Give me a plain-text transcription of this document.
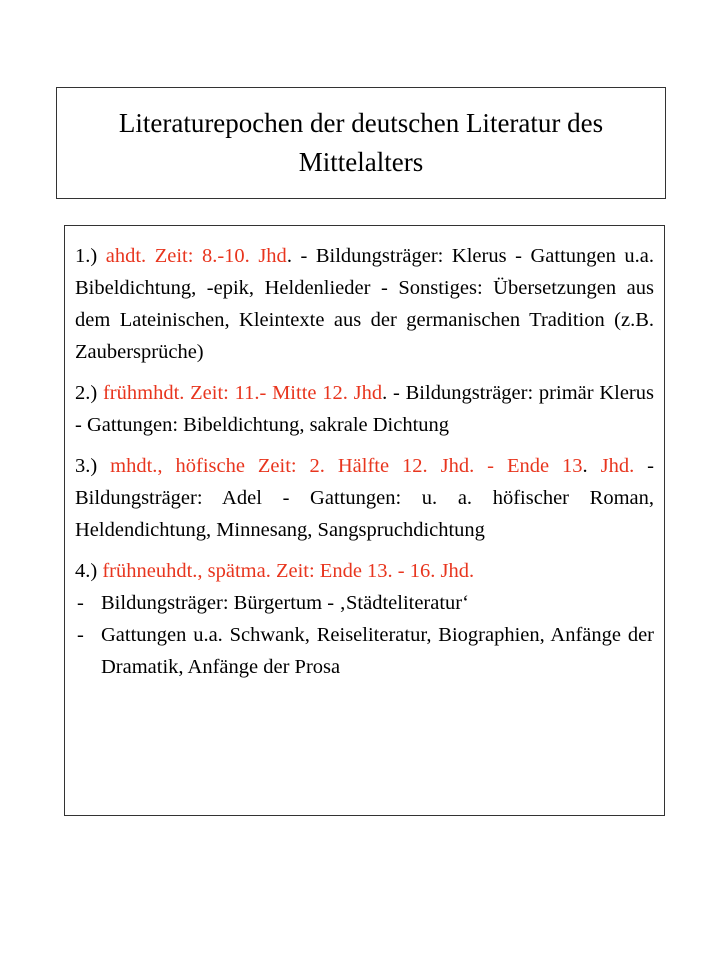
Literaturepochen der deutschen Literatur des Mittelalters

1.) ahdt. Zeit: 8.-10. Jhd. - Bildungsträger: Klerus - Gattungen u.a. Bibeldichtung, -epik, Heldenlieder - Sonstiges: Übersetzungen aus dem Lateinischen, Kleintexte aus der germanischen Tradition (z.B. Zaubersprüche)

2.) frühmhdt. Zeit: 11.- Mitte 12. Jhd. - Bildungsträger: primär Klerus - Gattungen: Bibeldichtung, sakrale Dichtung

3.) mhdt., höfische Zeit: 2. Hälfte 12. Jhd. - Ende 13. Jhd. - Bildungsträger: Adel - Gattungen: u. a. höfischer Roman, Heldendichtung, Minnesang, Sangspruchdichtung

4.) frühneuhdt., spätma. Zeit: Ende 13. - 16. Jhd.

- Bildungsträger: Bürgertum - ‚Städteliteratur‘

- Gattungen u.a. Schwank, Reiseliteratur, Biographien, Anfänge der Dramatik, Anfänge der Prosa
